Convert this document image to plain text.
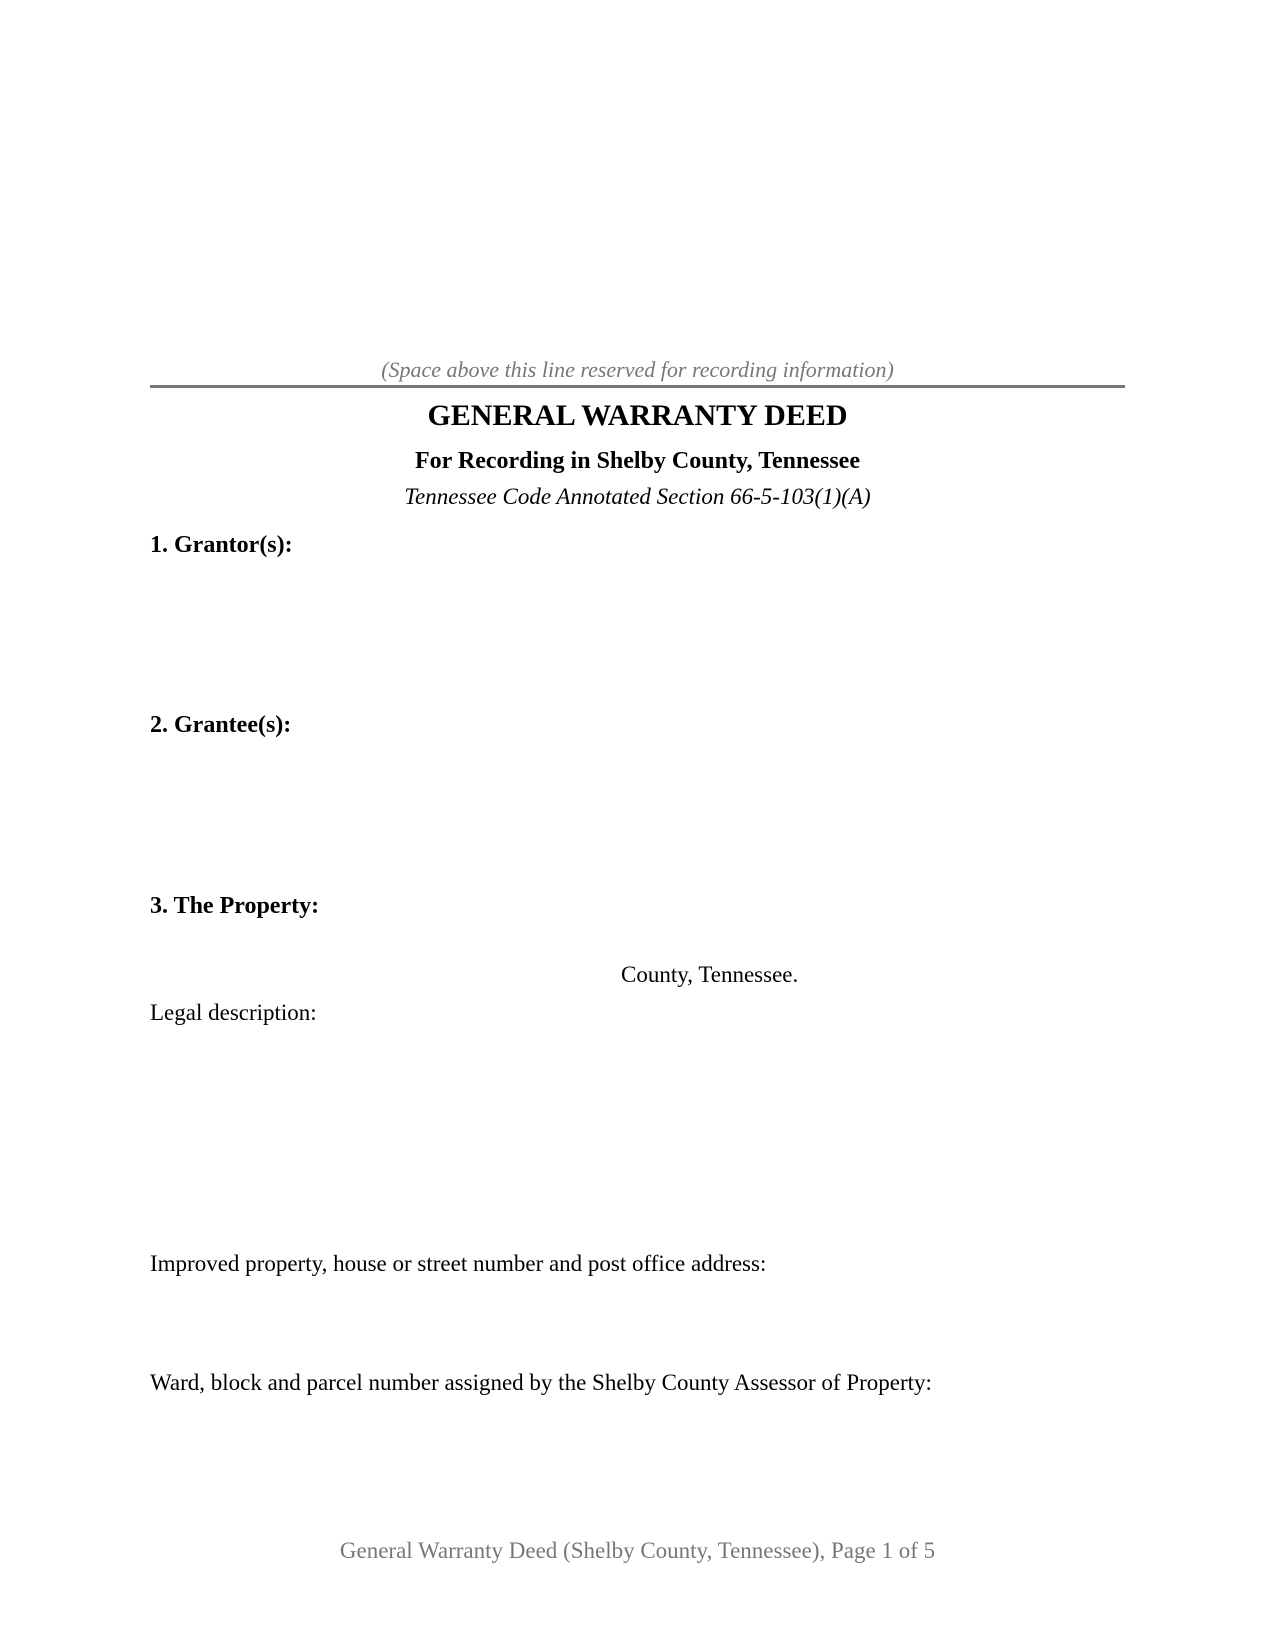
(Space above this line reserved for recording information)
GENERAL WARRANTY DEED
For Recording in Shelby County, Tennessee
Tennessee Code Annotated Section 66-5-103(1)(A)
1. Grantor(s):
2. Grantee(s):
3. The Property:
County, Tennessee.
Legal description:
Improved property, house or street number and post office address:
Ward, block and parcel number assigned by the Shelby County Assessor of Property:
General Warranty Deed (Shelby County, Tennessee), Page 1 of 5
